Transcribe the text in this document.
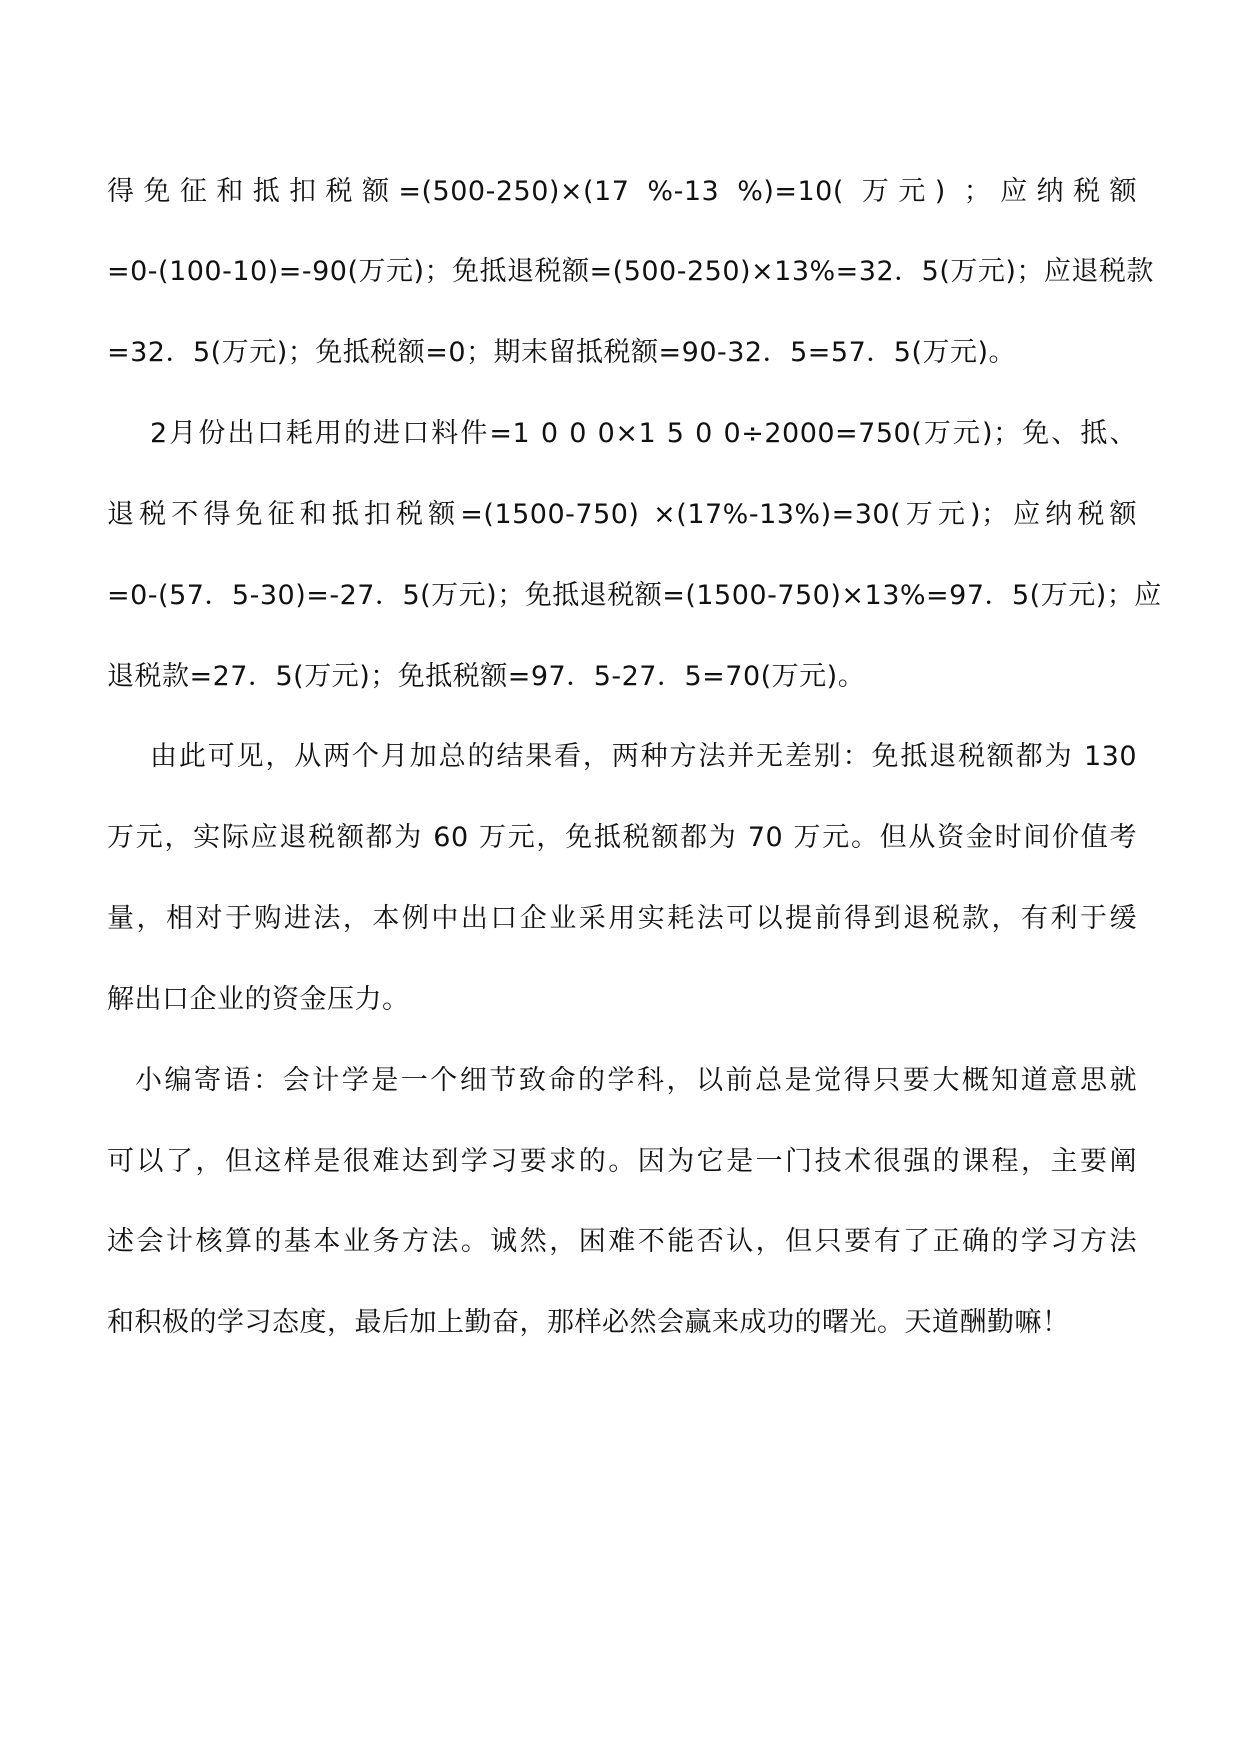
得免征和抵扣税额=(500-250)×(17 %-13 %)=10( 万元) ；应纳税额
=0-(100-10)=-90(万元)；免抵退税额=(500-250)×13%=32．5(万元)；应退税款
=32．5(万元)；免抵税额=0；期末留抵税额=90-32．5=57．5(万元)。
2月份出口耗用的进口料件=1 0 0 0×1 5 0 0÷2000=750(万元)；免、抵、
退税不得免征和抵扣税额=(1500-750) ×(17%-13%)=30(万元)；应纳税额
=0-(57．5-30)=-27．5(万元)；免抵退税额=(1500-750)×13%=97．5(万元)；应
退税款=27．5(万元)；免抵税额=97．5-27．5=70(万元)。
由此可见，从两个月加总的结果看，两种方法并无差别：免抵退税额都为 130
万元，实际应退税额都为 60 万元，免抵税额都为 70 万元。但从资金时间价值考
量，相对于购进法，本例中出口企业采用实耗法可以提前得到退税款，有利于缓
解出口企业的资金压力。
小编寄语：会计学是一个细节致命的学科，以前总是觉得只要大概知道意思就
可以了，但这样是很难达到学习要求的。因为它是一门技术很强的课程，主要阐
述会计核算的基本业务方法。诚然，困难不能否认，但只要有了正确的学习方法
和积极的学习态度，最后加上勤奋，那样必然会赢来成功的曙光。天道酬勤嘛！
